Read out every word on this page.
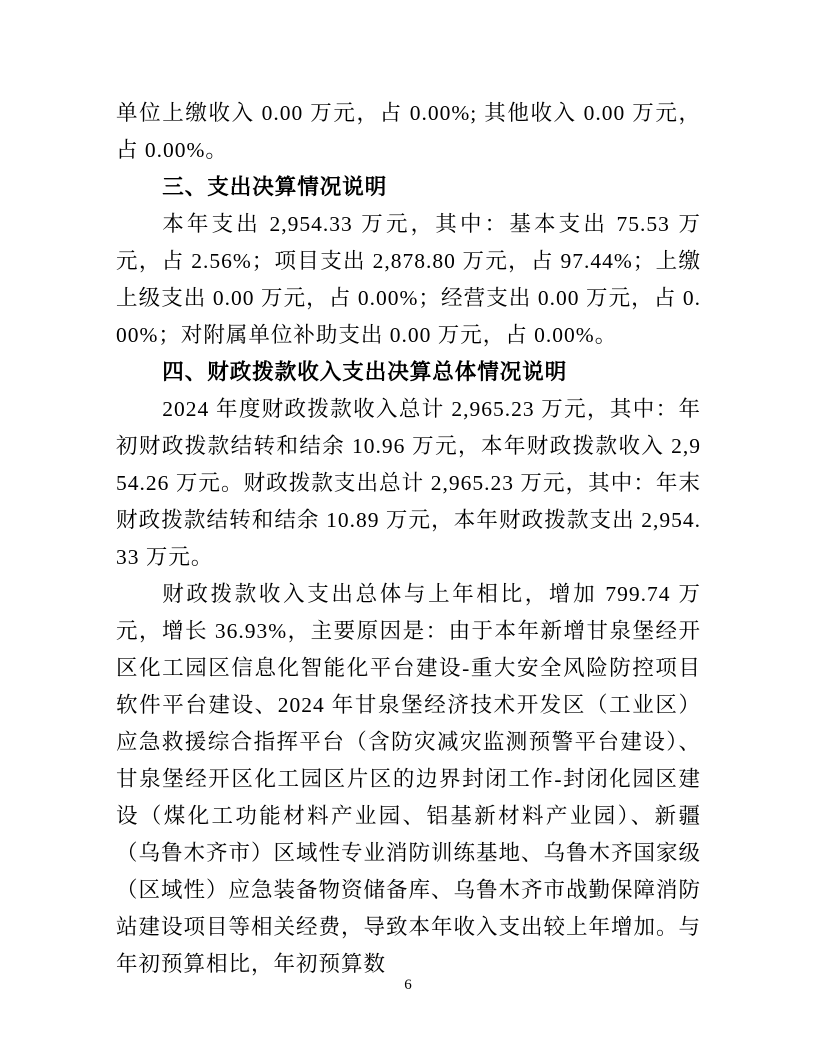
单位上缴收入 0.00 万元，占 0.00%; 其他收入 0.00 万元，占 0.00%。

三、支出决算情况说明

本年支出 2,954.33 万元，其中：基本支出 75.53 万元，占 2.56%；项目支出 2,878.80 万元，占 97.44%；上缴上级支出 0.00 万元，占 0.00%；经营支出 0.00 万元，占 0.00%；对附属单位补助支出 0.00 万元，占 0.00%。

四、财政拨款收入支出决算总体情况说明

2024 年度财政拨款收入总计 2,965.23 万元，其中：年初财政拨款结转和结余 10.96 万元，本年财政拨款收入 2,954.26 万元。财政拨款支出总计 2,965.23 万元，其中：年末财政拨款结转和结余 10.89 万元，本年财政拨款支出 2,954.33 万元。

财政拨款收入支出总体与上年相比，增加 799.74 万元，增长 36.93%，主要原因是：由于本年新增甘泉堡经开区化工园区信息化智能化平台建设-重大安全风险防控项目软件平台建设、2024 年甘泉堡经济技术开发区（工业区）应急救援综合指挥平台（含防灾减灾监测预警平台建设）、甘泉堡经开区化工园区片区的边界封闭工作-封闭化园区建设（煤化工功能材料产业园、铝基新材料产业园）、新疆（乌鲁木齐市）区域性专业消防训练基地、乌鲁木齐国家级（区域性）应急装备物资储备库、乌鲁木齐市战勤保障消防站建设项目等相关经费，导致本年收入支出较上年增加。与年初预算相比，年初预算数

6
